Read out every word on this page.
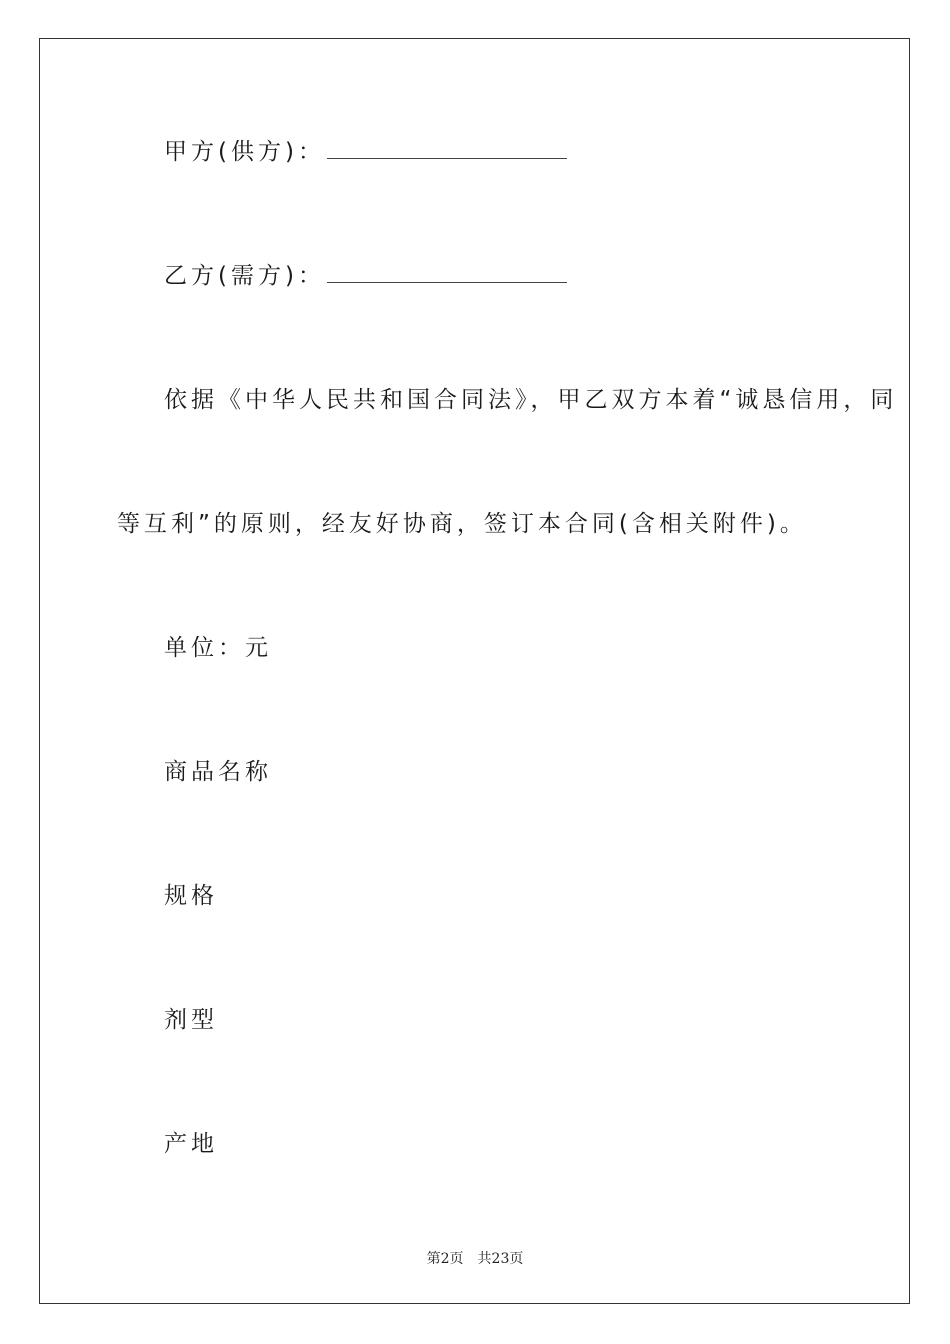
甲方(供方)：
乙方(需方)：
依据《中华人民共和国合同法》，甲乙双方本着“诚恳信用，同
等互利”的原则，经友好协商，签订本合同(含相关附件)。
单位：元
商品名称
规格
剂型
产地
第2页 共23页
